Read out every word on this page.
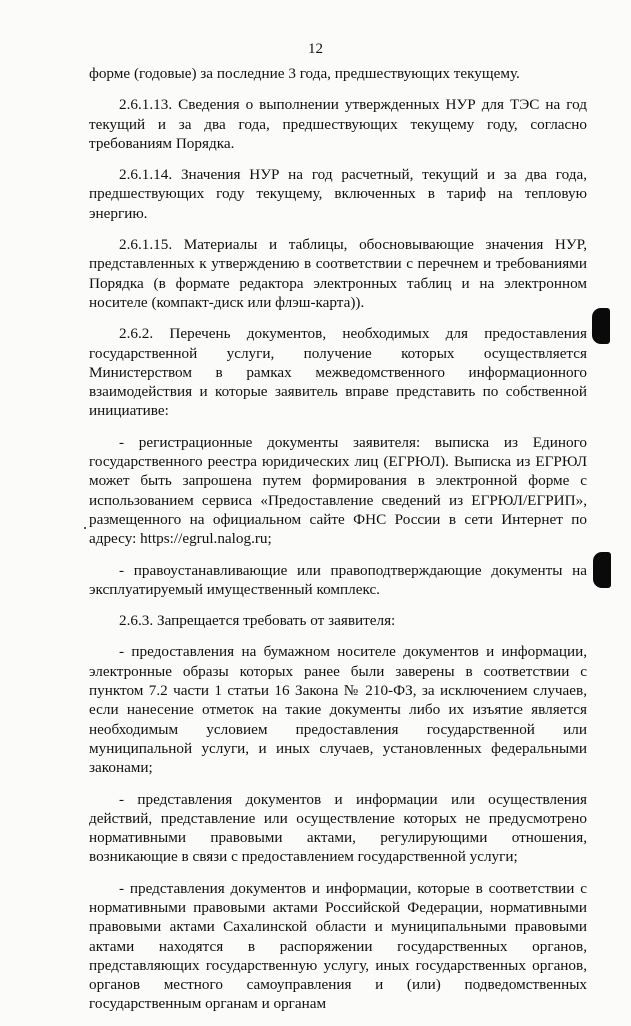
12

форме (годовые) за последние 3 года, предшествующих текущему.

2.6.1.13. Сведения о выполнении утвержденных НУР для ТЭС на год текущий и за два года, предшествующих текущему году, согласно требованиям Порядка.

2.6.1.14. Значения НУР на год расчетный, текущий и за два года, предшествующих году текущему, включенных в тариф на тепловую энергию.

2.6.1.15. Материалы и таблицы, обосновывающие значения НУР, представленных к утверждению в соответствии с перечнем и требованиями Порядка (в формате редактора электронных таблиц и на электронном носителе (компакт-диск или флэш-карта)).

2.6.2. Перечень документов, необходимых для предоставления государственной услуги, получение которых осуществляется Министерством в рамках межведомственного информационного взаимодействия и которые заявитель вправе представить по собственной инициативе:

- регистрационные документы заявителя: выписка из Единого государственного реестра юридических лиц (ЕГРЮЛ). Выписка из ЕГРЮЛ может быть запрошена путем формирования в электронной форме с использованием сервиса «Предоставление сведений из ЕГРЮЛ/ЕГРИП», размещенного на официальном сайте ФНС России в сети Интернет по адресу: https://egrul.nalog.ru;

- правоустанавливающие или правоподтверждающие документы на эксплуатируемый имущественный комплекс.

2.6.3. Запрещается требовать от заявителя:

- предоставления на бумажном носителе документов и информации, электронные образы которых ранее были заверены в соответствии с пунктом 7.2 части 1 статьи 16 Закона № 210-ФЗ, за исключением случаев, если нанесение отметок на такие документы либо их изъятие является необходимым условием предоставления государственной или муниципальной услуги, и иных случаев, установленных федеральными законами;

- представления документов и информации или осуществления действий, представление или осуществление которых не предусмотрено нормативными правовыми актами, регулирующими отношения, возникающие в связи с предоставлением государственной услуги;

- представления документов и информации, которые в соответствии с нормативными правовыми актами Российской Федерации, нормативными правовыми актами Сахалинской области и муниципальными правовыми актами находятся в распоряжении государственных органов, представляющих государственную услугу, иных государственных органов, органов местного самоуправления и (или) подведомственных государственным органам и органам
